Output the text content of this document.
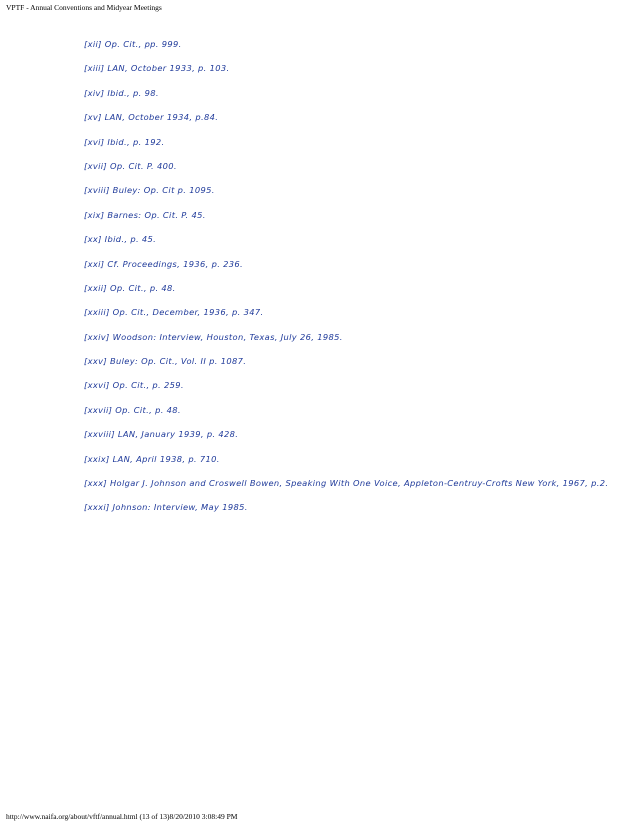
VPTF - Annual Conventions and Midyear Meetings
[xii] Op. Cit., pp. 999.
[xiii] LAN, October 1933, p. 103.
[xiv] Ibid., p. 98.
[xv] LAN, October 1934, p.84.
[xvi] Ibid., p. 192.
[xvii] Op. Cit. P. 400.
[xviii] Buley: Op. Cit p. 1095.
[xix] Barnes: Op. Cit. P. 45.
[xx] Ibid., p. 45.
[xxi] Cf. Proceedings, 1936, p. 236.
[xxii] Op. Cit., p. 48.
[xxiii] Op. Cit., December, 1936, p. 347.
[xxiv] Woodson: Interview, Houston, Texas, July 26, 1985.
[xxv] Buley: Op. Cit., Vol. II p. 1087.
[xxvi] Op. Cit., p. 259.
[xxvii] Op. Cit., p. 48.
[xxviii] LAN, January 1939, p. 428.
[xxix] LAN, April 1938, p. 710.
[xxx] Holgar J. Johnson and Croswell Bowen, Speaking With One Voice, Appleton-Centruy-Crofts New York, 1967, p.2.
[xxxi] Johnson: Interview, May 1985.
http://www.naifa.org/about/vftf/annual.html (13 of 13)8/20/2010 3:08:49 PM
